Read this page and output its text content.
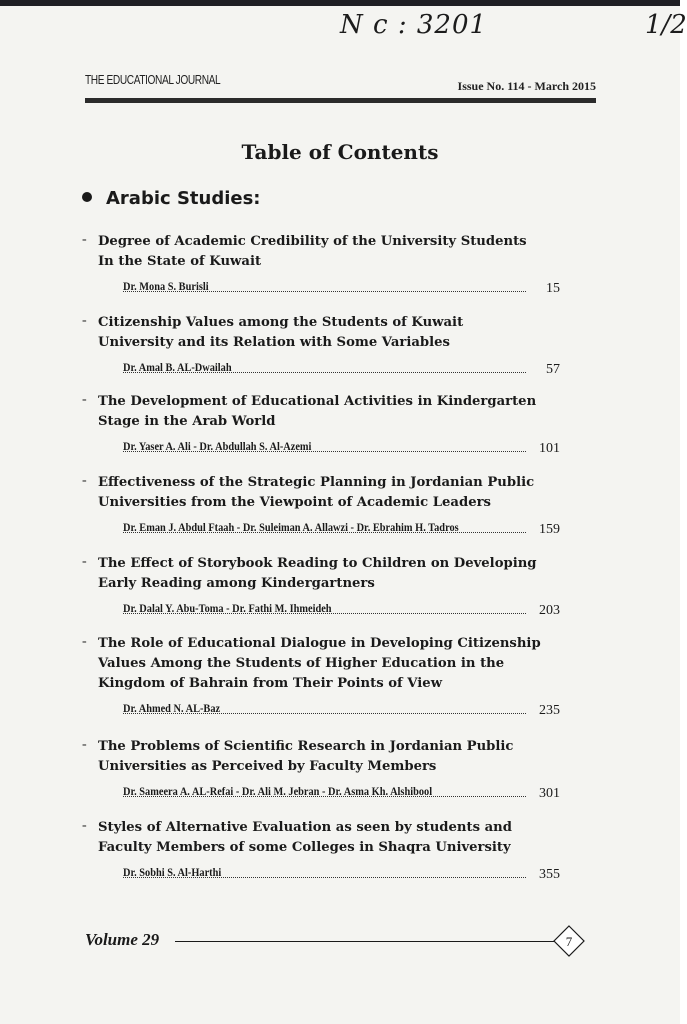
N c : 3201	1/2
THE EDUCATIONAL JOURNAL	Issue No. 114 - March 2015
Table of Contents
Arabic Studies:
- Degree of Academic Credibility of the University Students In the State of Kuwait
Dr. Mona S. Burisli	15
- Citizenship Values among the Students of Kuwait University and its Relation with Some Variables
Dr. Amal B. AL-Dwailah	57
- The Development of Educational Activities in Kindergarten Stage in the Arab World
Dr. Yaser A. Ali - Dr. Abdullah S. Al-Azemi	101
- Effectiveness of the Strategic Planning in Jordanian Public Universities from the Viewpoint of Academic Leaders
Dr. Eman J. Abdul Ftaah - Dr. Suleiman A. Allawzi - Dr. Ebrahim H. Tadros	159
- The Effect of Storybook Reading to Children on Developing Early Reading among Kindergartners
Dr. Dalal Y. Abu-Toma - Dr. Fathi M. Ihmeideh	203
- The Role of Educational Dialogue in Developing Citizenship Values Among the Students of Higher Education in the Kingdom of Bahrain from Their Points of View
Dr. Ahmed N. AL-Baz	235
- The Problems of Scientific Research in Jordanian Public Universities as Perceived by Faculty Members
Dr. Sameera A. AL-Refai - Dr. Ali M. Jebran - Dr. Asma Kh. Alshibool	301
- Styles of Alternative Evaluation as seen by students and Faculty Members of some Colleges in Shaqra University
Dr. Sobhi S. Al-Harthi	355
Volume 29	7
